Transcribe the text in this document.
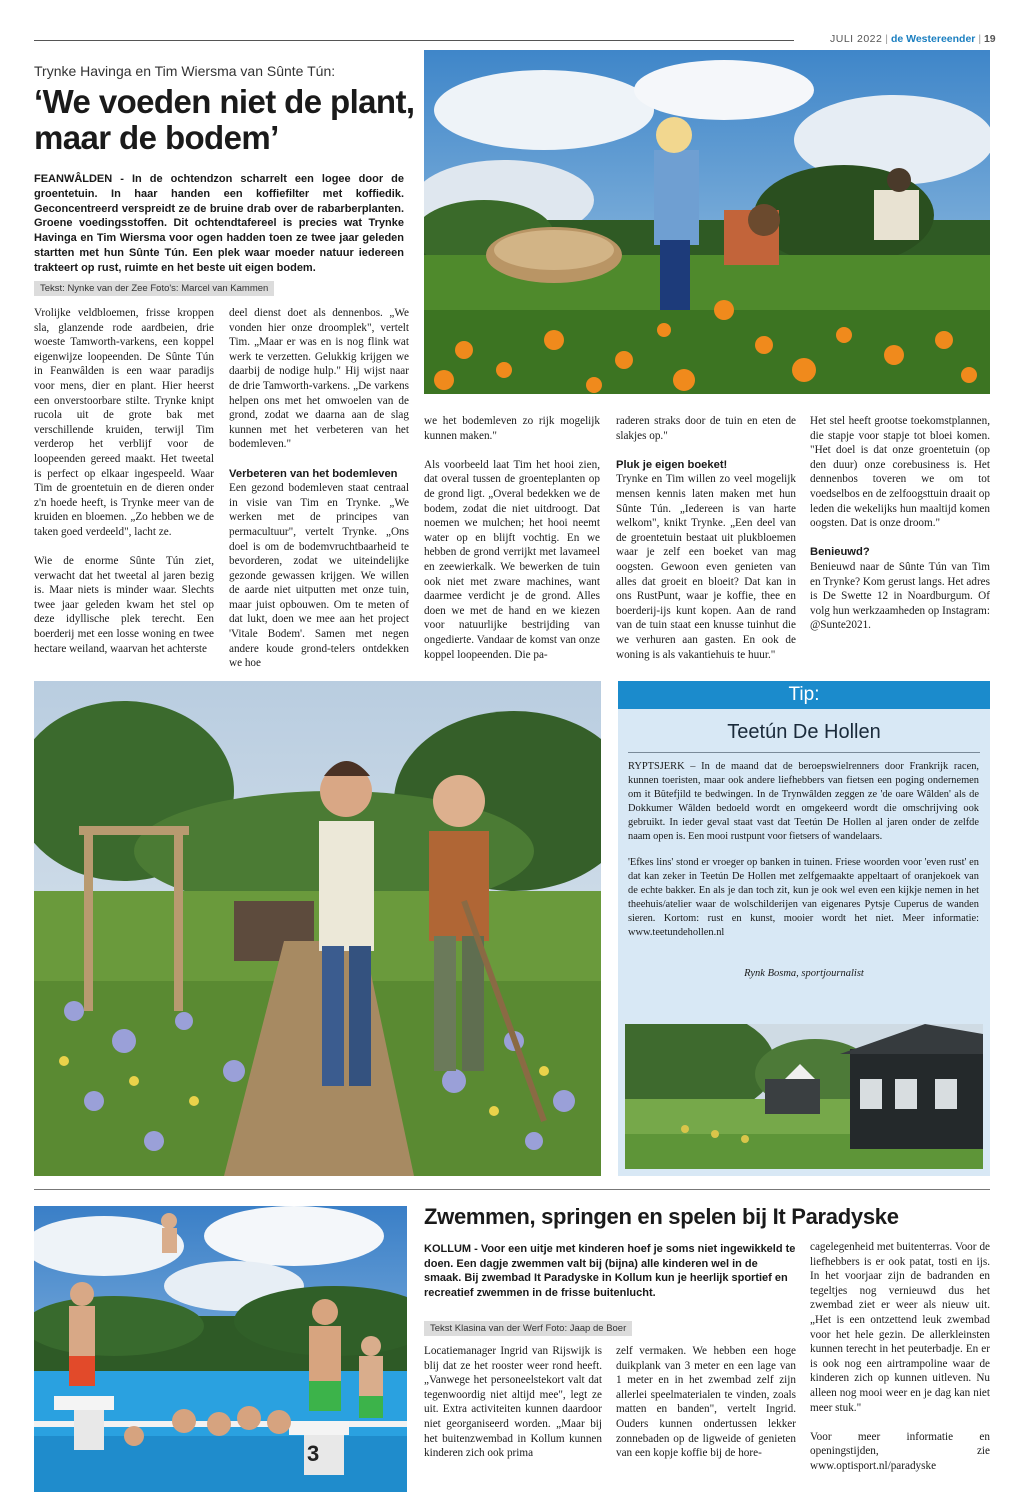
JULI 2022 | de Westereender | 19
Trynke Havinga en Tim Wiersma van Sûnte Tún:
‘We voeden niet de plant,
maar de bodem’

FEANWÂLDEN - In de ochtendzon scharrelt een logee door de groentetuin. In haar handen een koffiefilter met koffiedik. Geconcentreerd verspreidt ze de bruine drab over de rabarberplanten. Groene voedingsstoffen. Dit ochtendtafereel is precies wat Trynke Havinga en Tim Wiersma voor ogen hadden toen ze twee jaar geleden startten met hun Sûnte Tún. Een plek waar moeder natuur iedereen trakteert op rust, ruimte en het beste uit eigen bodem.

Tekst: Nynke van der Zee Foto's: Marcel van Kammen

Vrolijke veldbloemen, frisse kroppen sla, glanzende rode aardbeien, drie woeste Tamworth-varkens, een koppel eigenwijze loopeenden. De Sûnte Tún in Feanwâlden is een waar paradijs voor mens, dier en plant. Hier heerst een onverstoorbare stilte. Trynke knipt rucola uit de grote bak met verschillende kruiden, terwijl Tim verderop het verblijf voor de loopeenden gereed maakt. Het tweetal is perfect op elkaar ingespeeld. Waar Tim de groentetuin en de dieren onder z'n hoede heeft, is Trynke meer van de kruiden en bloemen. „Zo hebben we de taken goed verdeeld", lacht ze.

Wie de enorme Sûnte Tún ziet, verwacht dat het tweetal al jaren bezig is. Maar niets is minder waar. Slechts twee jaar geleden kwam het stel op deze idyllische plek terecht. Een boerderij met een losse woning en twee hectare weiland, waarvan het achterste

deel dienst doet als dennenbos. „We vonden hier onze droomplek", vertelt Tim. „Maar er was en is nog flink wat werk te verzetten. Gelukkig krijgen we daarbij de nodige hulp." Hij wijst naar de drie Tamworth-varkens. „De varkens helpen ons met het omwoelen van de grond, zodat we daarna aan de slag kunnen met het verbeteren van het bodemleven."

Verbeteren van het bodemleven

Een gezond bodemleven staat centraal in visie van Tim en Trynke. „We werken met de principes van permacultuur", vertelt Trynke. „Ons doel is om de bodemvruchtbaarheid te bevorderen, zodat we uiteindelijke gezonde gewassen krijgen. We willen de aarde niet uitputten met onze tuin, maar juist opbouwen. Om te meten of dat lukt, doen we mee aan het project 'Vitale Bodem'. Samen met negen andere koude grond-telers ontdekken we hoe

we het bodemleven zo rijk mogelijk kunnen maken."

Als voorbeeld laat Tim het hooi zien, dat overal tussen de groenteplanten op de grond ligt. „Overal bedekken we de bodem, zodat die niet uitdroogt. Dat noemen we mulchen; het hooi neemt water op en blijft vochtig. En we hebben de grond verrijkt met lavameel en zeewierkalk. We bewerken de tuin ook niet met zware machines, want daarmee verdicht je de grond. Alles doen we met de hand en we kiezen voor natuurlijke bestrijding van ongedierte. Vandaar de komst van onze koppel loopeenden. Die pa-

raderen straks door de tuin en eten de slakjes op."

Pluk je eigen boeket!

Trynke en Tim willen zo veel mogelijk mensen kennis laten maken met hun Sûnte Tún. „Iedereen is van harte welkom", knikt Trynke. „Een deel van de groentetuin bestaat uit plukbloemen waar je zelf een boeket van mag oogsten. Gewoon even genieten van alles dat groeit en bloeit? Dat kan in ons RustPunt, waar je koffie, thee en boerderij-ijs kunt kopen. Aan de rand van de tuin staat een knusse tuinhut die we verhuren aan gasten. En ook de woning is als vakantiehuis te huur."

Het stel heeft grootse toekomstplannen, die stapje voor stapje tot bloei komen. "Het doel is dat onze groentetuin (op den duur) onze corebusiness is. Het dennenbos toveren we om tot voedselbos en de zelfoogsttuin draait op leden die wekelijks hun maaltijd komen oogsten. Dat is onze droom."

Benieuwd?

Benieuwd naar de Sûnte Tún van Tim en Trynke? Kom gerust langs. Het adres is De Swette 12 in Noardburgum. Of volg hun werkzaamheden op Instagram: @Sunte2021.

Tip:
Teetún De Hollen

RYPTSJERK – In de maand dat de beroepswielrenners door Frankrijk racen, kunnen toeristen, maar ook andere liefhebbers van fietsen een poging ondernemen om it Bûtefjild te bedwingen. In de Trynwâlden zeggen ze 'de oare Wâlden' als de Dokkumer Wâlden bedoeld wordt en omgekeerd wordt die omschrijving ook gebruikt. In ieder geval staat vast dat Teetún De Hollen al jaren onder de zelfde naam open is. Een mooi rustpunt voor fietsers of wandelaars.

'Efkes lins' stond er vroeger op banken in tuinen. Friese woorden voor 'even rust' en dat kan zeker in Teetún De Hollen met zelfgemaakte appeltaart of oranjekoek van de echte bakker. En als je dan toch zit, kun je ook wel even een kijkje nemen in het theehuis/atelier waar de wolschilderijen van eigenares Pytsje Cuperus de wanden sieren. Kortom: rust en kunst, mooier wordt het niet. Meer informatie: www.teetundehollen.nl

Rynk Bosma, sportjournalist
3
Zwemmen, springen en spelen bij It Paradyske

KOLLUM - Voor een uitje met kinderen hoef je soms niet ingewikkeld te doen. Een dagje zwemmen valt bij (bijna) alle kinderen wel in de smaak. Bij zwembad It Paradyske in Kollum kun je heerlijk sportief en recreatief zwemmen in de frisse buitenlucht.

Tekst Klasina van der Werf Foto: Jaap de Boer

Locatiemanager Ingrid van Rijswijk is blij dat ze het rooster weer rond heeft. „Vanwege het personeelstekort valt dat tegenwoordig niet altijd mee", legt ze uit. Extra activiteiten kunnen daardoor niet georganiseerd worden. „Maar bij het buitenzwembad in Kollum kunnen kinderen zich ook prima

zelf vermaken. We hebben een hoge duikplank van 3 meter en een lage van 1 meter en in het zwembad zelf zijn allerlei speelmaterialen te vinden, zoals matten en banden", vertelt Ingrid. Ouders kunnen ondertussen lekker zonnebaden op de ligweide of genieten van een kopje koffie bij de hore-

cagelegenheid met buitenterras. Voor de liefhebbers is er ook patat, tosti en ijs. In het voorjaar zijn de badranden en tegeltjes nog vernieuwd dus het zwembad ziet er weer als nieuw uit. „Het is een ontzettend leuk zwembad voor het hele gezin. De allerkleinsten kunnen terecht in het peuterbadje. En er is ook nog een airtrampoline waar de kinderen zich op kunnen uitleven. Nu alleen nog mooi weer en je dag kan niet meer stuk."

Voor meer informatie en openingstijden, zie www.optisport.nl/paradyske
